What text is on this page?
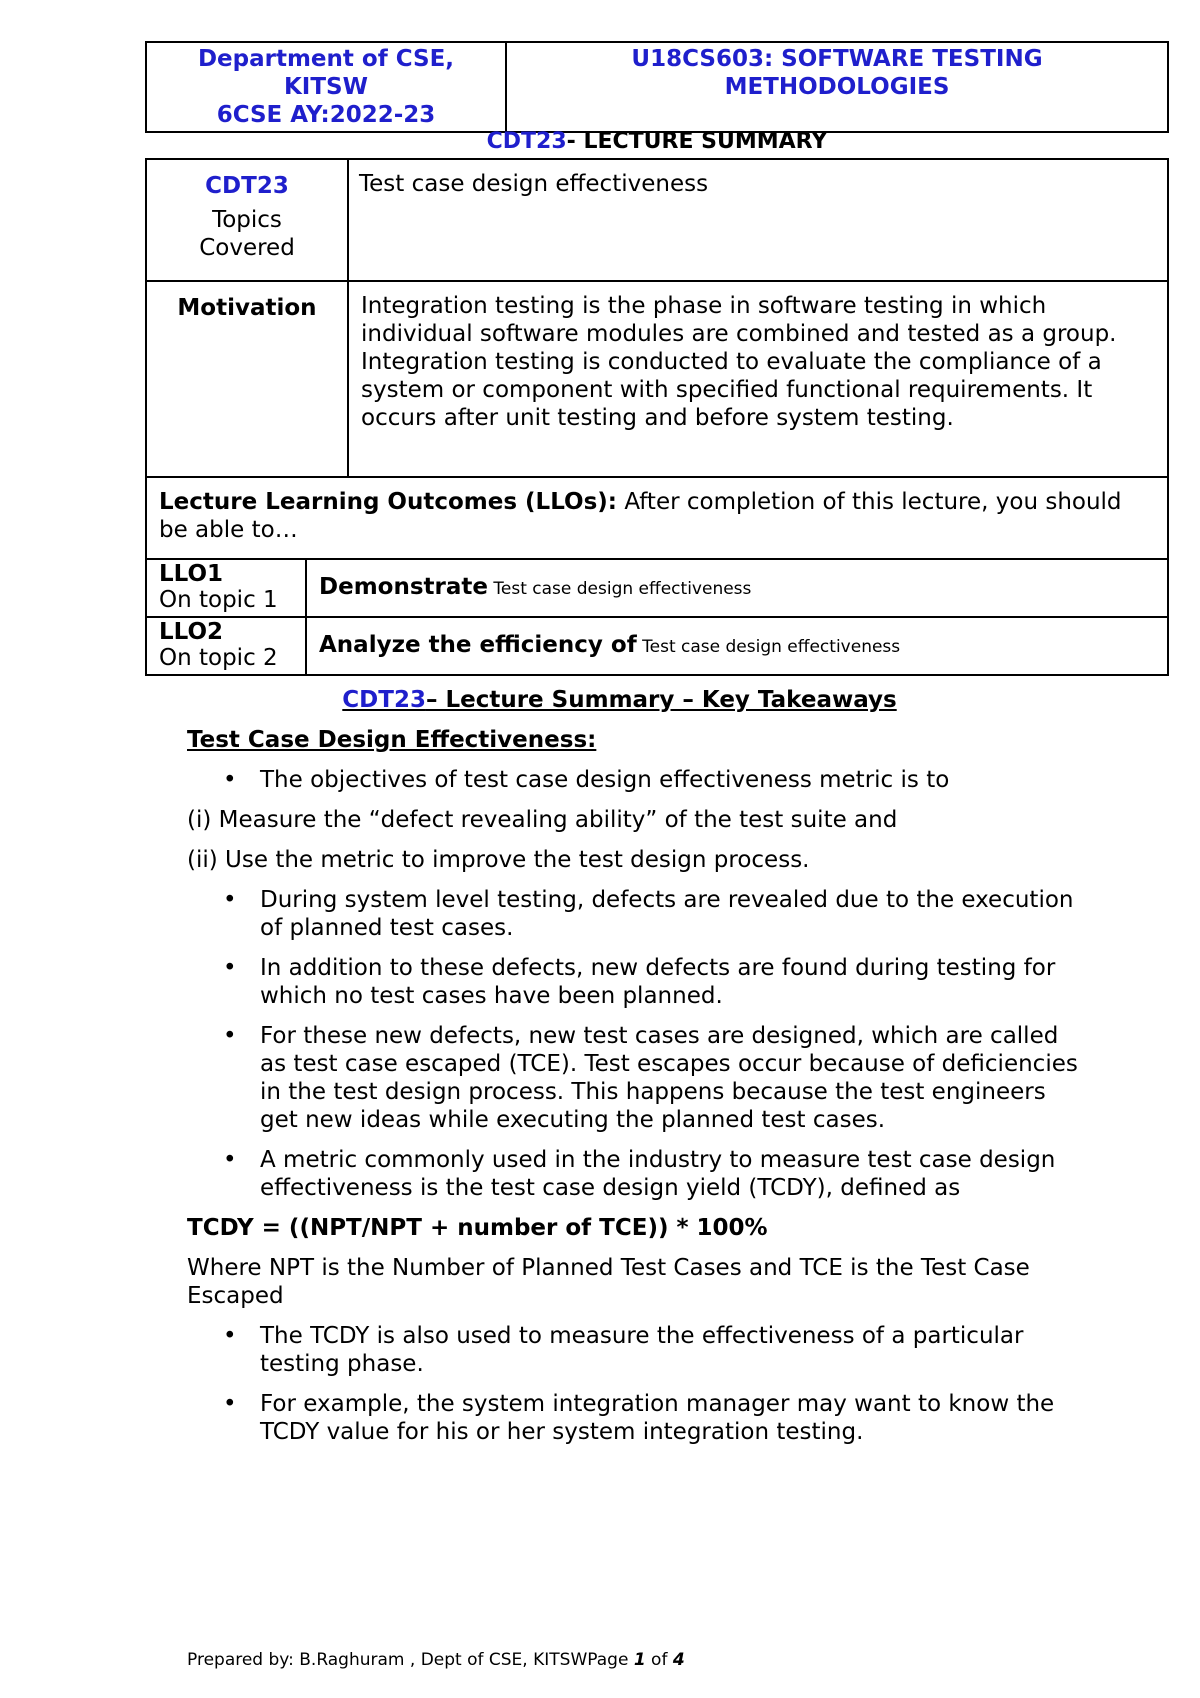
Department of CSE,
KITSW
6CSE AY:2022-23

U18CS603: SOFTWARE TESTING
METHODOLOGIES
CDT23- LECTURE SUMMARY
CDT23
Topics
Covered	Test case design effectiveness
Motivation	Integration testing is the phase in software testing in which individual software modules are combined and tested as a group. Integration testing is conducted to evaluate the compliance of a system or component with specified functional requirements. It occurs after unit testing and before system testing.
Lecture Learning Outcomes (LLOs): After completion of this lecture, you should be able to…	
LLO1
On topic 1	Demonstrate Test case design effectiveness

LLO2
On topic 2	Analyze the efficiency of Test case design effectiveness
CDT23– Lecture Summary – Key Takeaways
Test Case Design Effectiveness:
• The objectives of test case design effectiveness metric is to
(i) Measure the “defect revealing ability” of the test suite and
(ii) Use the metric to improve the test design process.
• During system level testing, defects are revealed due to the execution of planned test cases.
• In addition to these defects, new defects are found during testing for which no test cases have been planned.
• For these new defects, new test cases are designed, which are called as test case escaped (TCE). Test escapes occur because of deficiencies in the test design process. This happens because the test engineers get new ideas while executing the planned test cases.
• A metric commonly used in the industry to measure test case design effectiveness is the test case design yield (TCDY), defined as
TCDY = ((NPT/NPT + number of TCE)) * 100%
Where NPT is the Number of Planned Test Cases and TCE is the Test Case Escaped
• The TCDY is also used to measure the effectiveness of a particular testing phase.
• For example, the system integration manager may want to know the TCDY value for his or her system integration testing.
Prepared by: B.Raghuram , Dept of CSE, KITSWPage 1 of 4
